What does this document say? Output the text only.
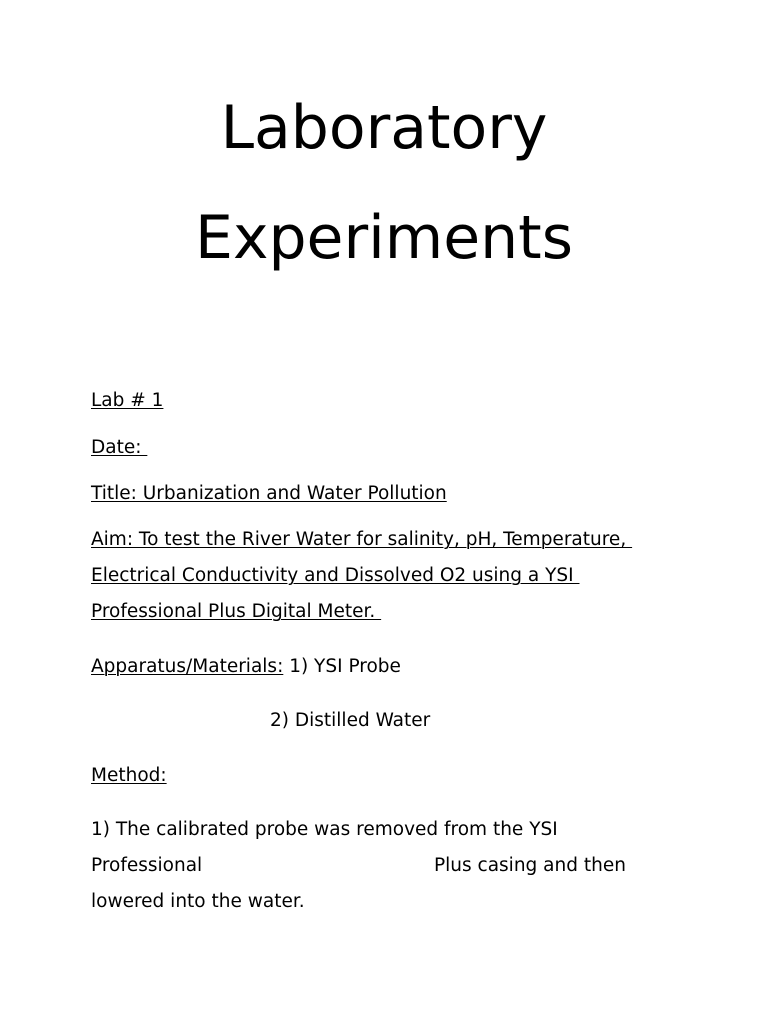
Laboratory
Experiments
Lab # 1
Date:
Title: Urbanization and Water Pollution
Aim: To test the River Water for salinity, pH, Temperature,
Electrical Conductivity and Dissolved O2 using a YSI
Professional Plus Digital Meter.
Apparatus/Materials: 1) YSI Probe
2) Distilled Water
Method:
1) The calibrated probe was removed from the YSI
Professional	Plus casing and then
lowered into the water.
